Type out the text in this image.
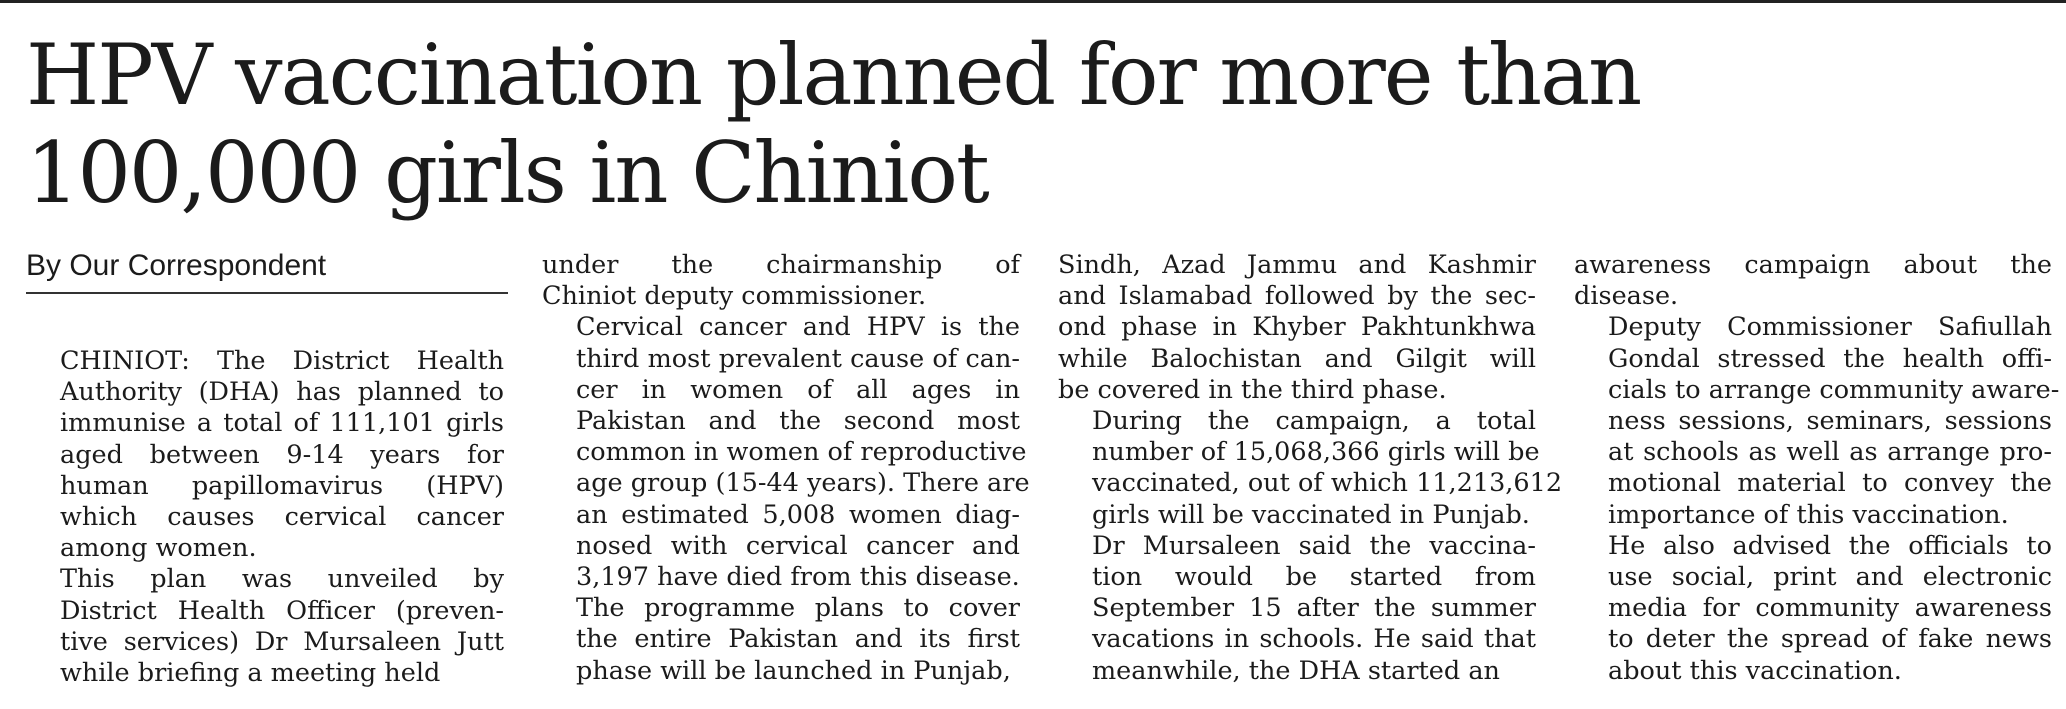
HPV vaccination planned for more than
100,000 girls in Chiniot
By Our Correspondent

CHINIOT: The District Health
Authority (DHA) has planned to
immunise a total of 111,101 girls
aged between 9-14 years for
human papillomavirus (HPV)
which causes cervical cancer
among women.

This plan was unveiled by
District Health Officer (preven-
tive services) Dr Mursaleen Jutt
while briefing a meeting held

under the chairmanship of
Chiniot deputy commissioner.

Cervical cancer and HPV is the
third most prevalent cause of can-
cer in women of all ages in
Pakistan and the second most
common in women of reproductive
age group (15-44 years). There are
an estimated 5,008 women diag-
nosed with cervical cancer and
3,197 have died from this disease.

The programme plans to cover
the entire Pakistan and its first
phase will be launched in Punjab,

Sindh, Azad Jammu and Kashmir
and Islamabad followed by the sec-
ond phase in Khyber Pakhtunkhwa
while Balochistan and Gilgit will
be covered in the third phase.

During the campaign, a total
number of 15,068,366 girls will be
vaccinated, out of which 11,213,612
girls will be vaccinated in Punjab.

Dr Mursaleen said the vaccina-
tion would be started from
September 15 after the summer
vacations in schools. He said that
meanwhile, the DHA started an

awareness campaign about the
disease.

Deputy Commissioner Safiullah
Gondal stressed the health offi-
cials to arrange community aware-
ness sessions, seminars, sessions
at schools as well as arrange pro-
motional material to convey the
importance of this vaccination.

He also advised the officials to
use social, print and electronic
media for community awareness
to deter the spread of fake news
about this vaccination.
